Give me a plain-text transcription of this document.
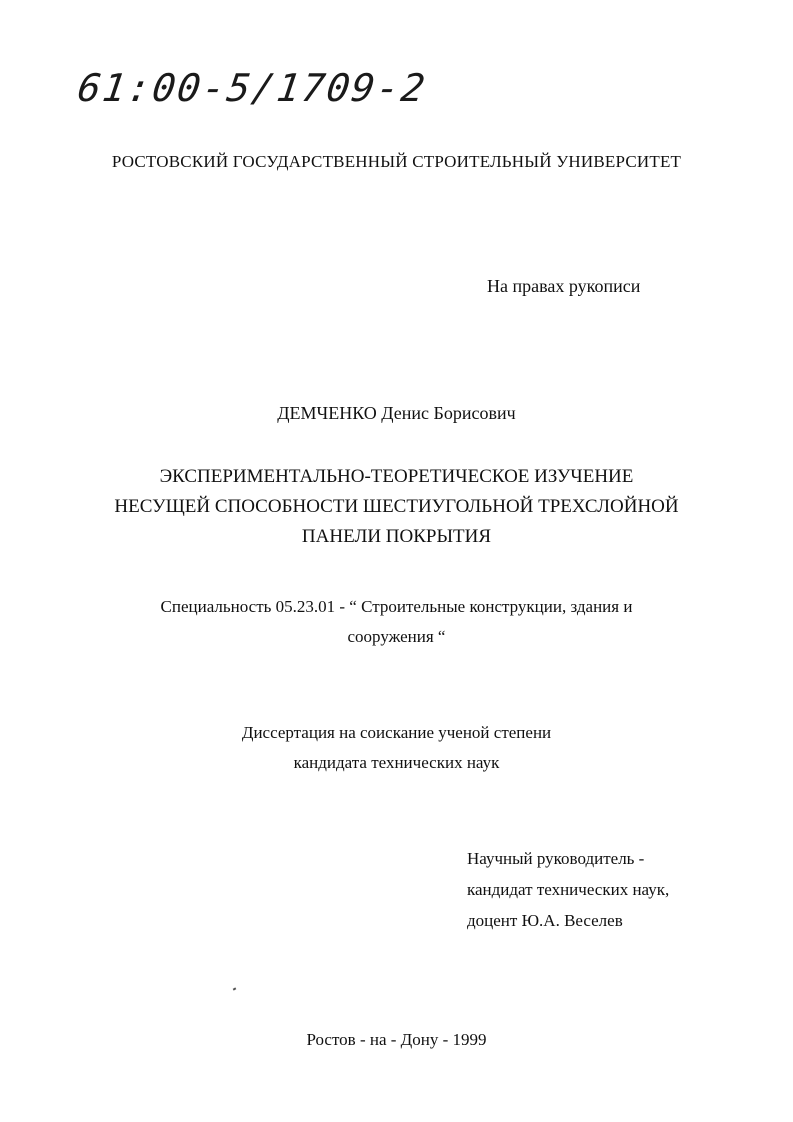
61:00-5/1709-2
РОСТОВСКИЙ ГОСУДАРСТВЕННЫЙ СТРОИТЕЛЬНЫЙ УНИВЕРСИТЕТ
На правах рукописи
ДЕМЧЕНКО Денис Борисович
ЭКСПЕРИМЕНТАЛЬНО-ТЕОРЕТИЧЕСКОЕ ИЗУЧЕНИЕ
НЕСУЩЕЙ СПОСОБНОСТИ ШЕСТИУГОЛЬНОЙ ТРЕХСЛОЙНОЙ
ПАНЕЛИ ПОКРЫТИЯ
Специальность 05.23.01 - “ Строительные конструкции, здания и
сооружения “
Диссертация на соискание ученой степени
кандидата технических наук
Научный руководитель -
кандидат технических наук,
доцент Ю.А. Веселев
Ростов - на - Дону - 1999
